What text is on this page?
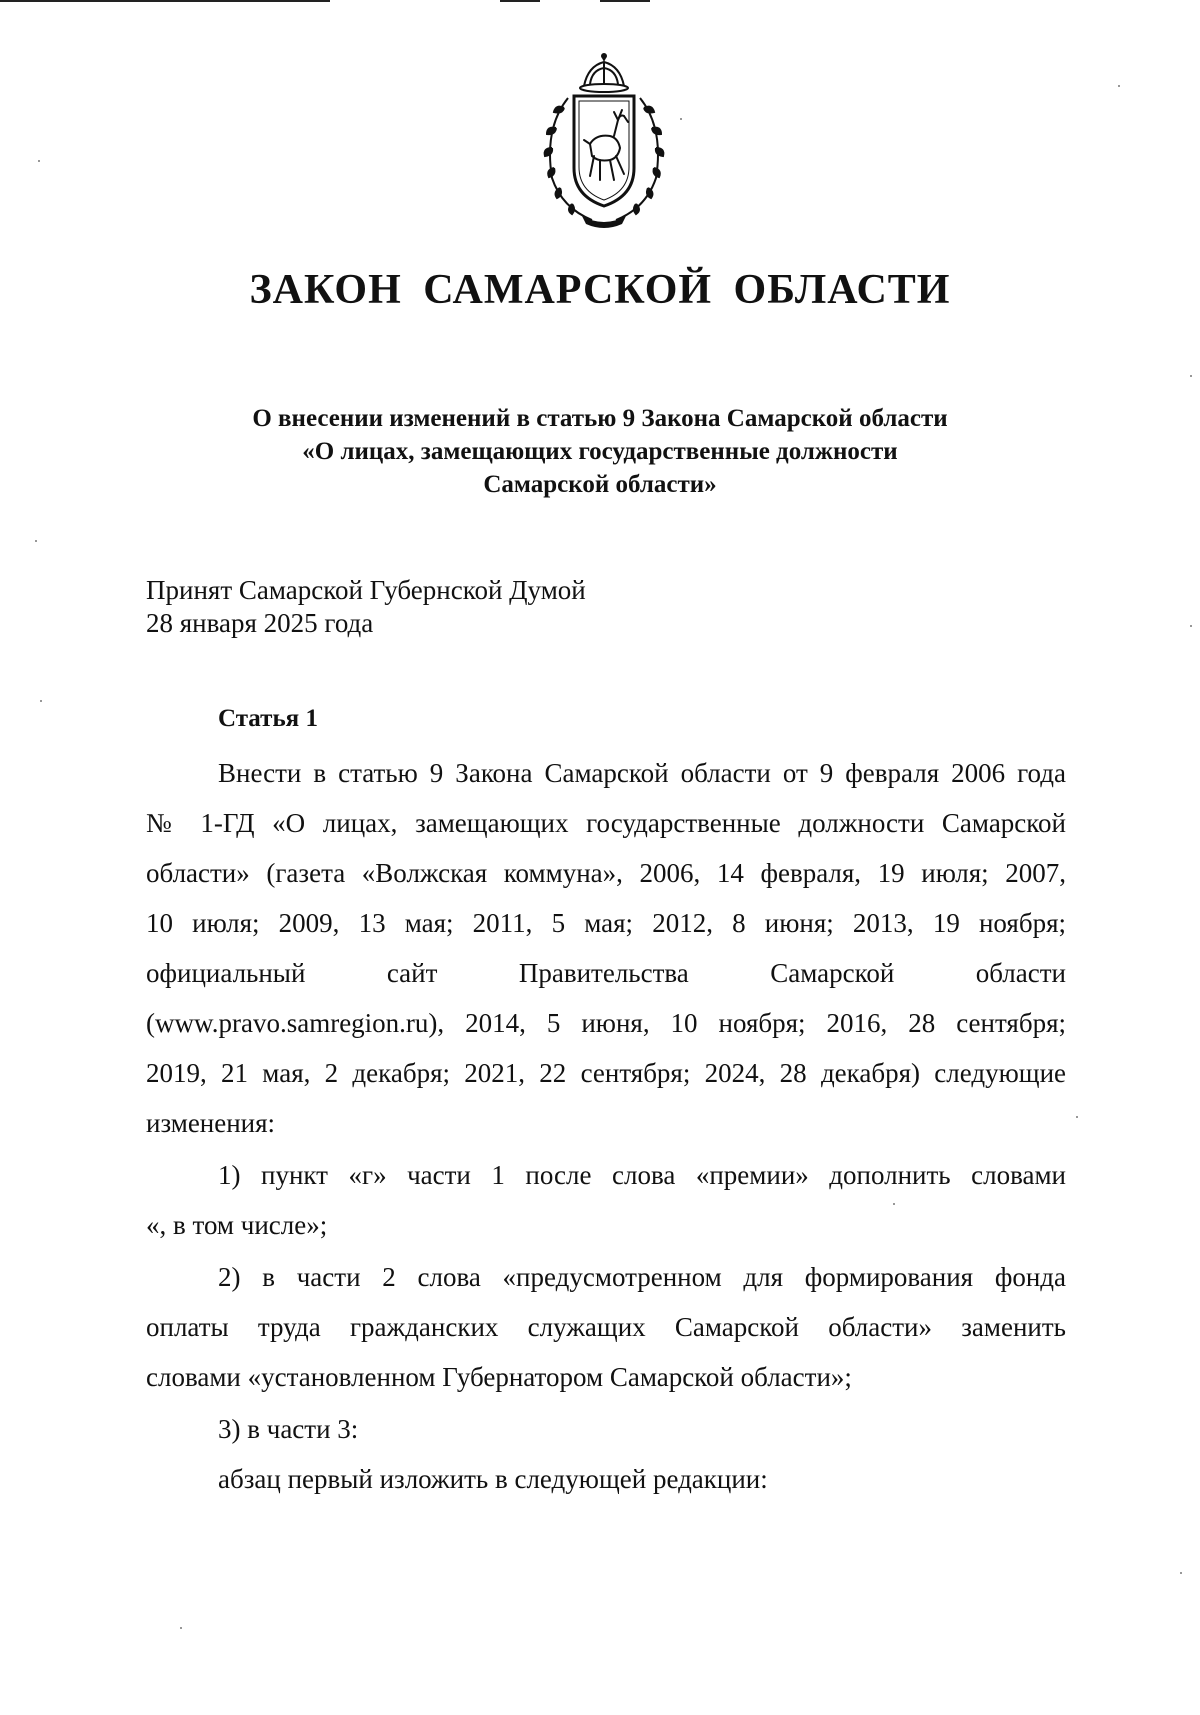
ЗАКОН САМАРСКОЙ ОБЛАСТИ
О внесении изменений в статью 9 Закона Самарской области
«О лицах, замещающих государственные должности
Самарской области»
Принят Самарской Губернской Думой
28 января 2025 года
Статья 1
Внести в статью 9 Закона Самарской области от 9 февраля 2006 года
№ 1-ГД «О лицах, замещающих государственные должности Самарской
области» (газета «Волжская коммуна», 2006, 14 февраля, 19 июля; 2007,
10 июля; 2009, 13 мая; 2011, 5 мая; 2012, 8 июня; 2013, 19 ноября;
официальный сайт Правительства Самарской области
(www.pravo.samregion.ru), 2014, 5 июня, 10 ноября; 2016, 28 сентября;
2019, 21 мая, 2 декабря; 2021, 22 сентября; 2024, 28 декабря) следующие
изменения:
1) пункт «г» части 1 после слова «премии» дополнить словами
«, в том числе»;
2) в части 2 слова «предусмотренном для формирования фонда
оплаты труда гражданских служащих Самарской области» заменить
словами «установленном Губернатором Самарской области»;
3) в части 3:
абзац первый изложить в следующей редакции:
